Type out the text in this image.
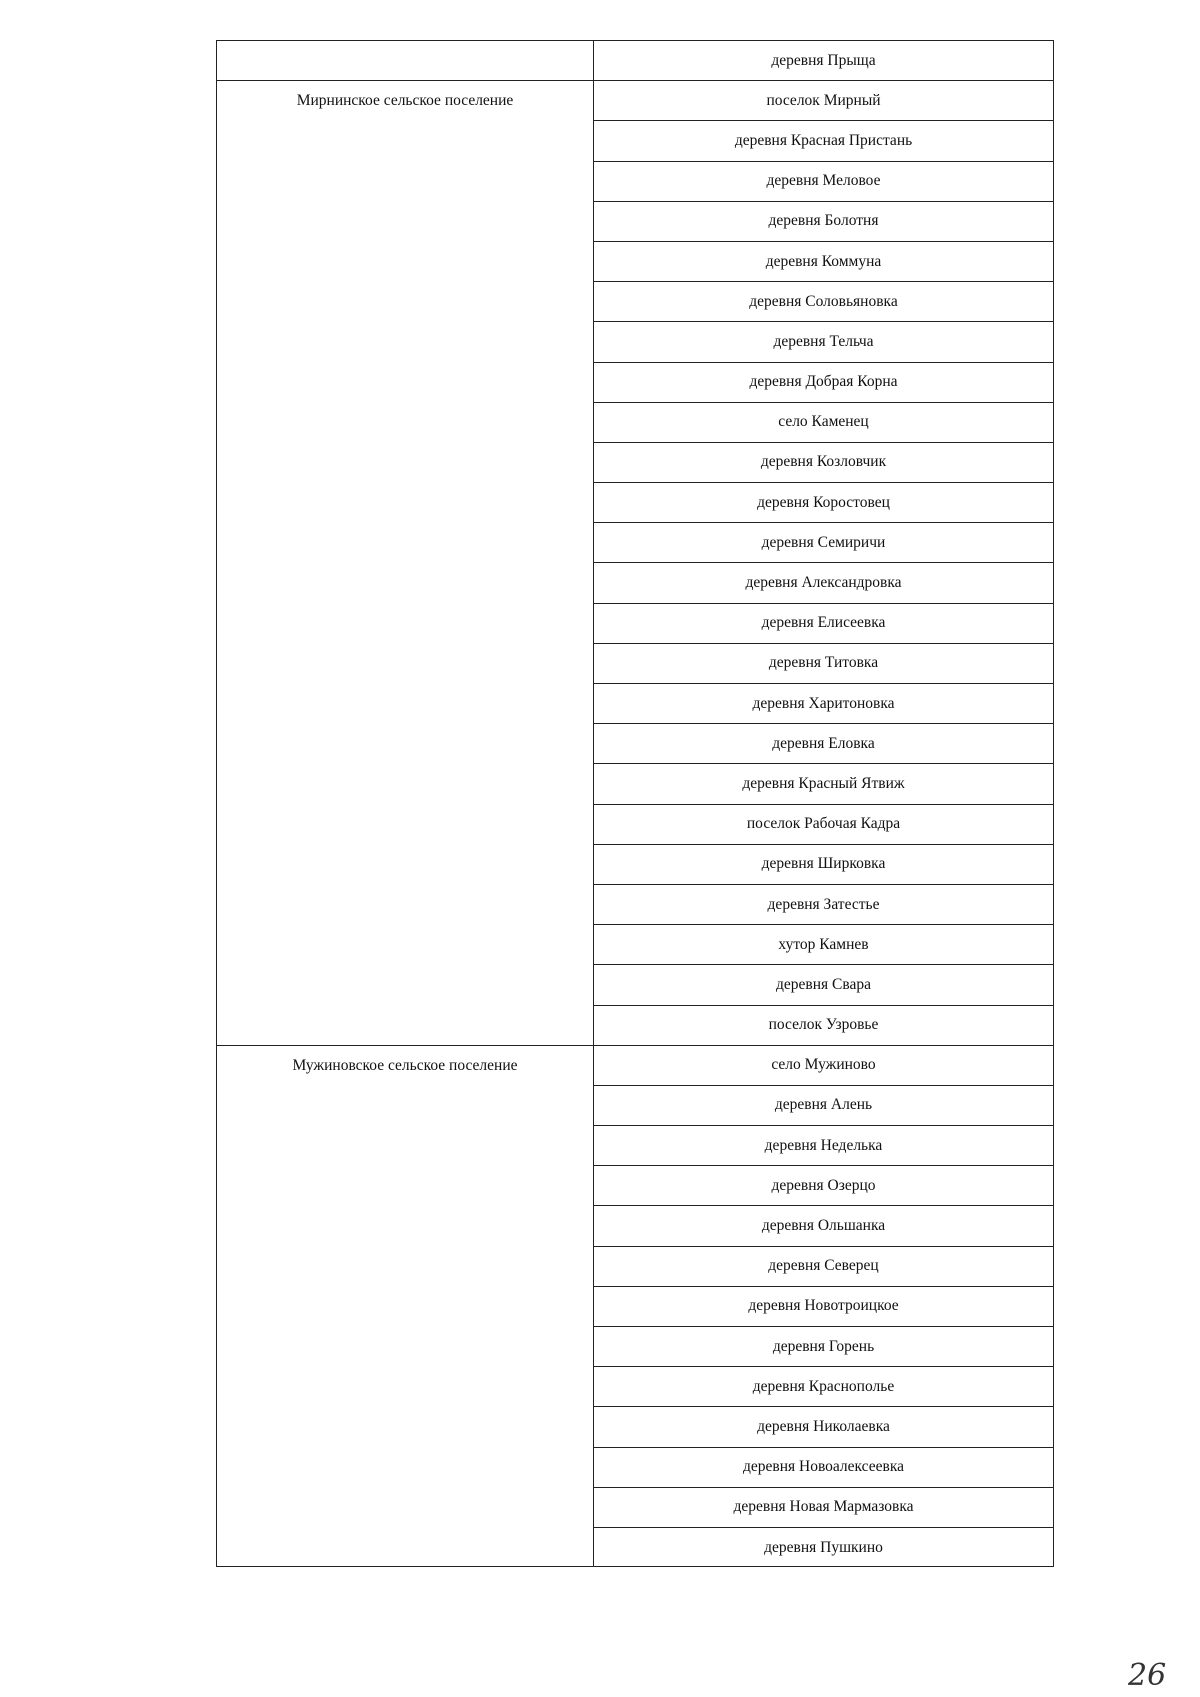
Мирнинское сельское поселение
Мужиновское сельское поселение
деревня Прыща
поселок Мирный
деревня Красная Пристань
деревня Меловое
деревня Болотня
деревня Коммуна
деревня Соловьяновка
деревня Тельча
деревня Добрая Корна
село Каменец
деревня Козловчик
деревня Коростовец
деревня Семиричи
деревня Александровка
деревня Елисеевка
деревня Титовка
деревня Харитоновка
деревня Еловка
деревня Красный Ятвиж
поселок Рабочая Кадра
деревня Ширковка
деревня Затестье
хутор Камнев
деревня Свара
поселок Узровье
село Мужиново
деревня Алень
деревня Неделька
деревня Озерцо
деревня Ольшанка
деревня Северец
деревня Новотроицкое
деревня Горень
деревня Краснополье
деревня Николаевка
деревня Новоалексеевка
деревня Новая Мармазовка
деревня Пушкино
26
